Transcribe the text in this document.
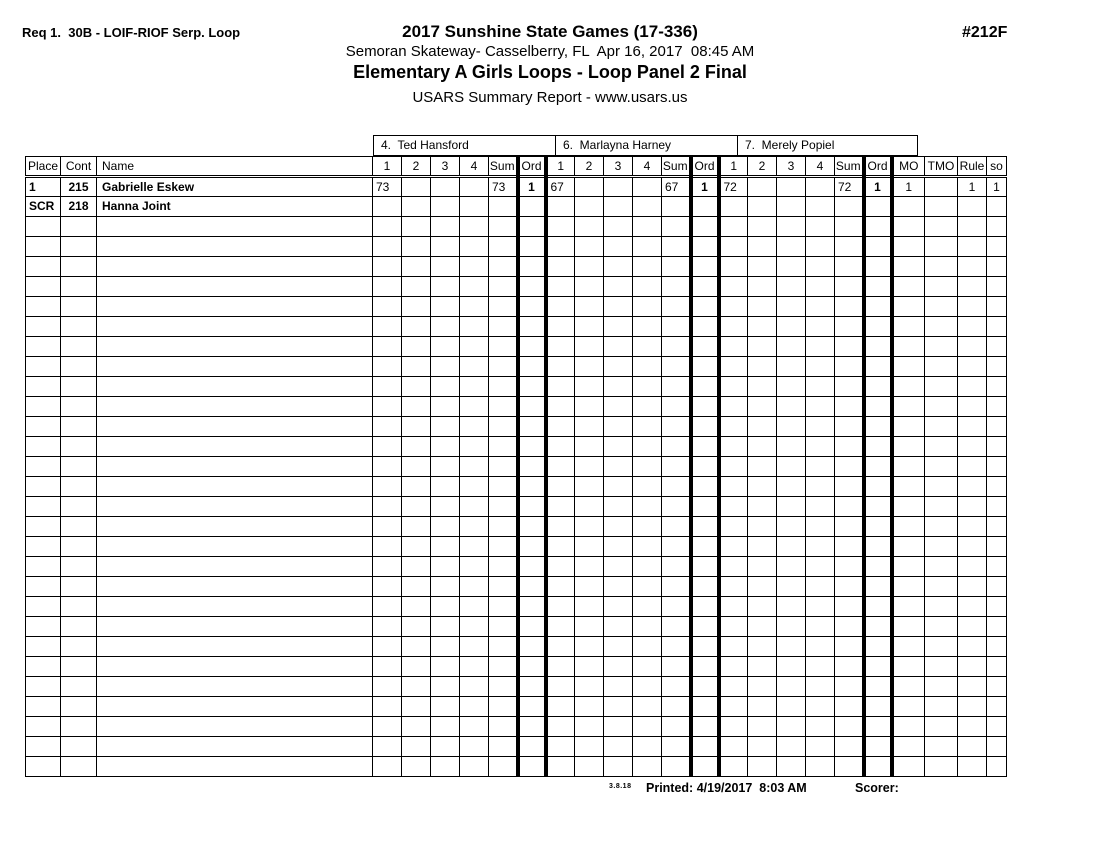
Req 1.  30B - LOIF-RIOF Serp. Loop	#212F
2017 Sunshine State Games (17-336)
Semoran Skateway- Casselberry, FL  Apr 16, 2017  08:45 AM
Elementary A Girls Loops - Loop Panel 2 Final
USARS Summary Report - www.usars.us
4.  Ted Hansford	6.  Marlayna Harney	7.  Merely Popiel
Place	Cont	Name	1	2	3	4	Sum	Ord	1	2	3	4	Sum	Ord	1	2	3	4	Sum	Ord	MO	TMO	Rule	so
1	215	Gabrielle Eskew	73				73	1	67				67	1	72				72	1	1		1	1
SCR	218	Hanna Joint																						

3.8.18 Printed: 4/19/2017  8:03 AM	Scorer:
